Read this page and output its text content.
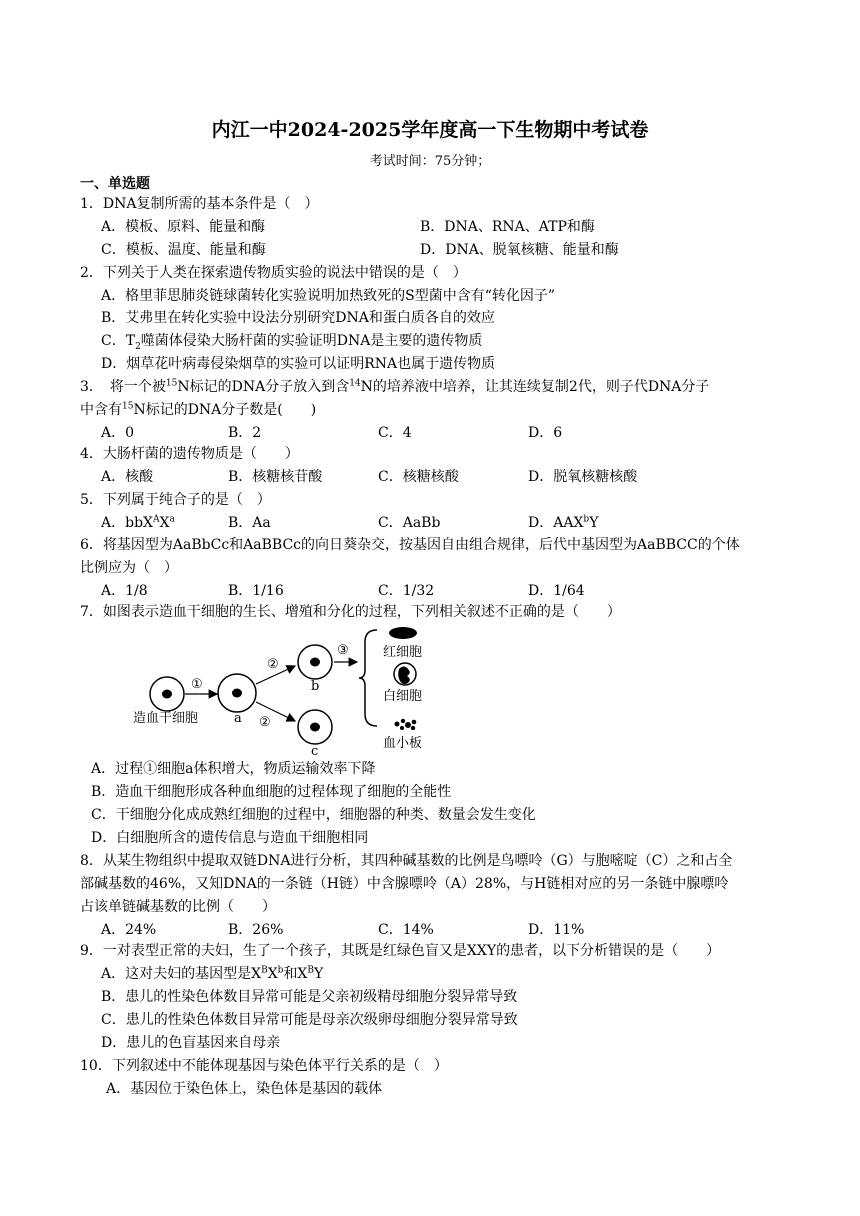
内江一中2024-2025学年度高一下生物期中考试卷
考试时间：75分钟；
一、单选题
1．DNA复制所需的基本条件是（　）
A．模板、原料、能量和酶	B．DNA、RNA、ATP和酶
C．模板、温度、能量和酶	D．DNA、脱氧核糖、能量和酶
2．下列关于人类在探索遗传物质实验的说法中错误的是（　）
A．格里菲思肺炎链球菌转化实验说明加热致死的S型菌中含有“转化因子”
B．艾弗里在转化实验中设法分别研究DNA和蛋白质各自的效应
C．$T_2$噬菌体侵染大肠杆菌的实验证明DNA是主要的遗传物质
D．烟草花叶病毒侵染烟草的实验可以证明RNA也属于遗传物质
3．　将一个被$^{15}$N标记的DNA分子放入到含$^{14}$N的培养液中培养，让其连续复制2代，则子代DNA分子
中含有$^{15}$N标记的DNA分子数是(　　)
A．0	B．2	C．4	D．6
4．大肠杆菌的遗传物质是（　　）
A．核酸	B．核糖核苷酸	C．核糖核酸	D．脱氧核糖核酸
5．下列属于纯合子的是（　）
A．$bbX^AX^a$	B．Aa	C．AaBb	D．AAX$^b$Y
6．将基因型为AaBbCc和AaBBCc的向日葵杂交，按基因自由组合规律，后代中基因型为AaBBCC的个体
比例应为（　）
A．1/8	B．1/16	C．1/32	D．1/64
7．如图表示造血干细胞的生长、增殖和分化的过程，下列相关叙述不正确的是（　　）
造血干细胞
①
a
②
②
b
c
③	红细胞
白细胞
血小板
A．过程①细胞a体积增大，物质运输效率下降
B．造血干细胞形成各种血细胞的过程体现了细胞的全能性
C．干细胞分化成成熟红细胞的过程中，细胞器的种类、数量会发生变化
D．白细胞所含的遗传信息与造血干细胞相同
8．从某生物组织中提取双链DNA进行分析，其四种碱基数的比例是鸟嘌呤（G）与胞嘧啶（C）之和占全
部碱基数的46%，又知DNA的一条链（H链）中含腺嘌呤（A）28%，与H链相对应的另一条链中腺嘌呤
占该单链碱基数的比例（　　）
A．24%	B．26%	C．14%	D．11%
9．一对表型正常的夫妇，生了一个孩子，其既是红绿色盲又是XXY的患者，以下分析错误的是（　　）
A．这对夫妇的基因型是$X^BX^b$和$X^BY$
B．患儿的性染色体数目异常可能是父亲初级精母细胞分裂异常导致
C．患儿的性染色体数目异常可能是母亲次级卵母细胞分裂异常导致
D．患儿的色盲基因来自母亲
10．下列叙述中不能体现基因与染色体平行关系的是（　）
A．基因位于染色体上，染色体是基因的载体
